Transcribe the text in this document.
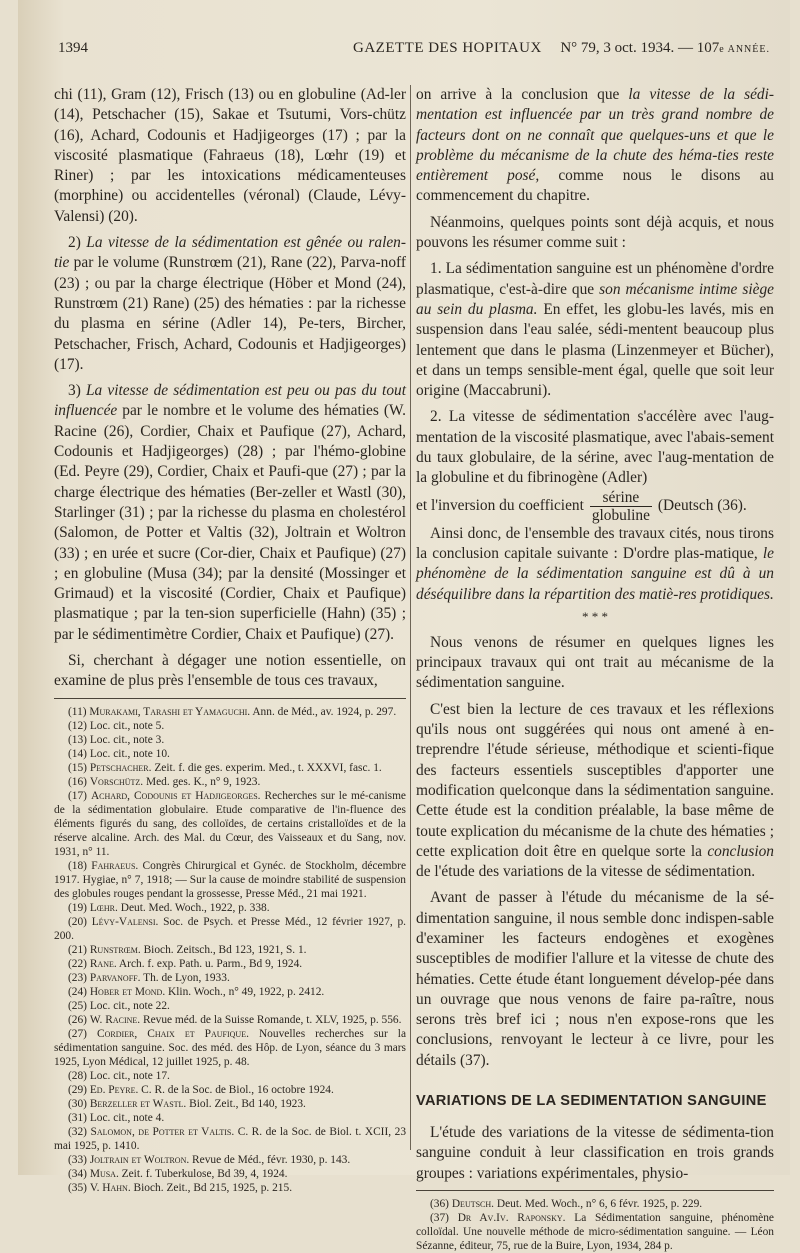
1394	GAZETTE DES HOPITAUX N° 79, 3 oct. 1934. — 107e ANNÉE.

chi (11), Gram (12), Frisch (13) ou en globuline (Ad-ler (14), Petschacher (15), Sakae et Tsutumi, Vors-chütz (16), Achard, Codounis et Hadjigeorges (17) ; par la viscosité plasmatique (Fahraeus (18), Lœhr (19) et Riner) ; par les intoxications médicamenteuses (morphine) ou accidentelles (véronal) (Claude, Lévy-Valensi) (20).

2) La vitesse de la sédimentation est gênée ou ralen-tie par le volume (Runstrœm (21), Rane (22), Parva-noff (23) ; ou par la charge électrique (Höber et Mond (24), Runstrœm (21) Rane) (25) des hématies : par la richesse du plasma en sérine (Adler 14), Pe-ters, Bircher, Petschacher, Frisch, Achard, Codounis et Hadjigeorges) (17).

3) La vitesse de sédimentation est peu ou pas du tout influencée par le nombre et le volume des hématies (W. Racine (26), Cordier, Chaix et Paufique (27), Achard, Codounis et Hadjigeorges) (28) ; par l'hémo-globine (Ed. Peyre (29), Cordier, Chaix et Paufi-que (27) ; par la charge électrique des hématies (Ber-zeller et Wastl (30), Starlinger (31) ; par la richesse du plasma en cholestérol (Salomon, de Potter et Valtis (32), Joltrain et Woltron (33) ; en urée et sucre (Cor-dier, Chaix et Paufique) (27) ; en globuline (Musa (34); par la densité (Mossinger et Grimaud) et la viscosité (Cordier, Chaix et Paufique) plasmatique ; par la ten-sion superficielle (Hahn) (35) ; par le sédimentimètre Cordier, Chaix et Paufique) (27).

Si, cherchant à dégager une notion essentielle, on examine de plus près l'ensemble de tous ces travaux,

(11) Murakami, Tarashi et Yamaguchi. Ann. de Méd., av. 1924, p. 297.

(12) Loc. cit., note 5.

(13) Loc. cit., note 3.

(14) Loc. cit., note 10.

(15) Petschacher. Zeit. f. die ges. experim. Med., t. XXXVI, fasc. 1.

(16) Vorschütz. Med. ges. K., n° 9, 1923.

(17) Achard, Codounis et Hadjigeorges. Recherches sur le mé-canisme de la sédimentation globulaire. Etude comparative de l'in-fluence des éléments figurés du sang, des colloïdes, de certains cristalloïdes et de la réserve alcaline. Arch. des Mal. du Cœur, des Vaisseaux et du Sang, nov. 1931, n° 11.

(18) Fahraeus. Congrès Chirurgical et Gynéc. de Stockholm, décembre 1917. Hygiae, n° 7, 1918; — Sur la cause de moindre stabilité de suspension des globules rouges pendant la grossesse, Presse Méd., 21 mai 1921.

(19) Lœhr. Deut. Med. Woch., 1922, p. 338.

(20) Lévy-Valensi. Soc. de Psych. et Presse Méd., 12 février 1927, p. 200.

(21) Runstrœm. Bioch. Zeitsch., Bd 123, 1921, S. 1.

(22) Rane. Arch. f. exp. Path. u. Parm., Bd 9, 1924.

(23) Parvanoff. Th. de Lyon, 1933.

(24) Hober et Mond. Klin. Woch., n° 49, 1922, p. 2412.

(25) Loc. cit., note 22.

(26) W. Racine. Revue méd. de la Suisse Romande, t. XLV, 1925, p. 556.

(27) Cordier, Chaix et Paufique. Nouvelles recherches sur la sédimentation sanguine. Soc. des méd. des Hôp. de Lyon, séance du 3 mars 1925, Lyon Médical, 12 juillet 1925, p. 48.

(28) Loc. cit., note 17.

(29) Ed. Peyre. C. R. de la Soc. de Biol., 16 octobre 1924.

(30) Berzeller et Wastl. Biol. Zeit., Bd 140, 1923.

(31) Loc. cit., note 4.

(32) Salomon, de Potter et Valtis. C. R. de la Soc. de Biol. t. XCII, 23 mai 1925, p. 1410.

(33) Joltrain et Woltron. Revue de Méd., févr. 1930, p. 143.

(34) Musa. Zeit. f. Tuberkulose, Bd 39, 4, 1924.

(35) V. Hahn. Bioch. Zeit., Bd 215, 1925, p. 215.

on arrive à la conclusion que la vitesse de la sédi-mentation est influencée par un très grand nombre de facteurs dont on ne connaît que quelques-uns et que le problème du mécanisme de la chute des héma-ties reste entièrement posé, comme nous le disons au commencement du chapitre.

Néanmoins, quelques points sont déjà acquis, et nous pouvons les résumer comme suit :

1. La sédimentation sanguine est un phénomène d'ordre plasmatique, c'est-à-dire que son mécanisme intime siège au sein du plasma. En effet, les globu-les lavés, mis en suspension dans l'eau salée, sédi-mentent beaucoup plus lentement que dans le plasma (Linzenmeyer et Bücher), et dans un temps sensible-ment égal, quelle que soit leur origine (Maccabruni).

2. La vitesse de sédimentation s'accélère avec l'aug-mentation de la viscosité plasmatique, avec l'abais-sement du taux globulaire, de la sérine, avec l'aug-mentation de la globuline et du fibrinogène (Adler)

et l'inversion du coefficient $\frac{\text{sérine}}{\text{globuline}}$ (Deutsch (36).

Ainsi donc, de l'ensemble des travaux cités, nous tirons la conclusion capitale suivante : D'ordre plas-matique, le phénomène de la sédimentation sanguine est dû à un déséquilibre dans la répartition des matiè-res protidiques.

* * *

Nous venons de résumer en quelques lignes les principaux travaux qui ont trait au mécanisme de la sédimentation sanguine.

C'est bien la lecture de ces travaux et les réflexions qu'ils nous ont suggérées qui nous ont amené à en-treprendre l'étude sérieuse, méthodique et scienti-fique des facteurs essentiels susceptibles d'apporter une modification quelconque dans la sédimentation sanguine. Cette étude est la condition préalable, la base même de toute explication du mécanisme de la chute des hématies ; cette explication doit être en quelque sorte la conclusion de l'étude des variations de la vitesse de sédimentation.

Avant de passer à l'étude du mécanisme de la sé-dimentation sanguine, il nous semble donc indispen-sable d'examiner les facteurs endogènes et exogènes susceptibles de modifier l'allure et la vitesse de chute des hématies. Cette étude étant longuement dévelop-pée dans un ouvrage que nous venons de faire pa-raître, nous serons très bref ici ; nous n'en expose-rons que les conclusions, renvoyant le lecteur à ce livre, pour les détails (37).

VARIATIONS DE LA SEDIMENTATION SANGUINE

L'étude des variations de la vitesse de sédimenta-tion sanguine conduit à leur classification en trois grands groupes : variations expérimentales, physio-

(36) Deutsch. Deut. Med. Woch., n° 6, 6 févr. 1925, p. 229.

(37) Dr Av.Iv. Raponsky. La Sédimentation sanguine, phénomène colloïdal. Une nouvelle méthode de micro-sédimentation sanguine. — Léon Sézanne, éditeur, 75, rue de la Buire, Lyon, 1934, 284 p.
